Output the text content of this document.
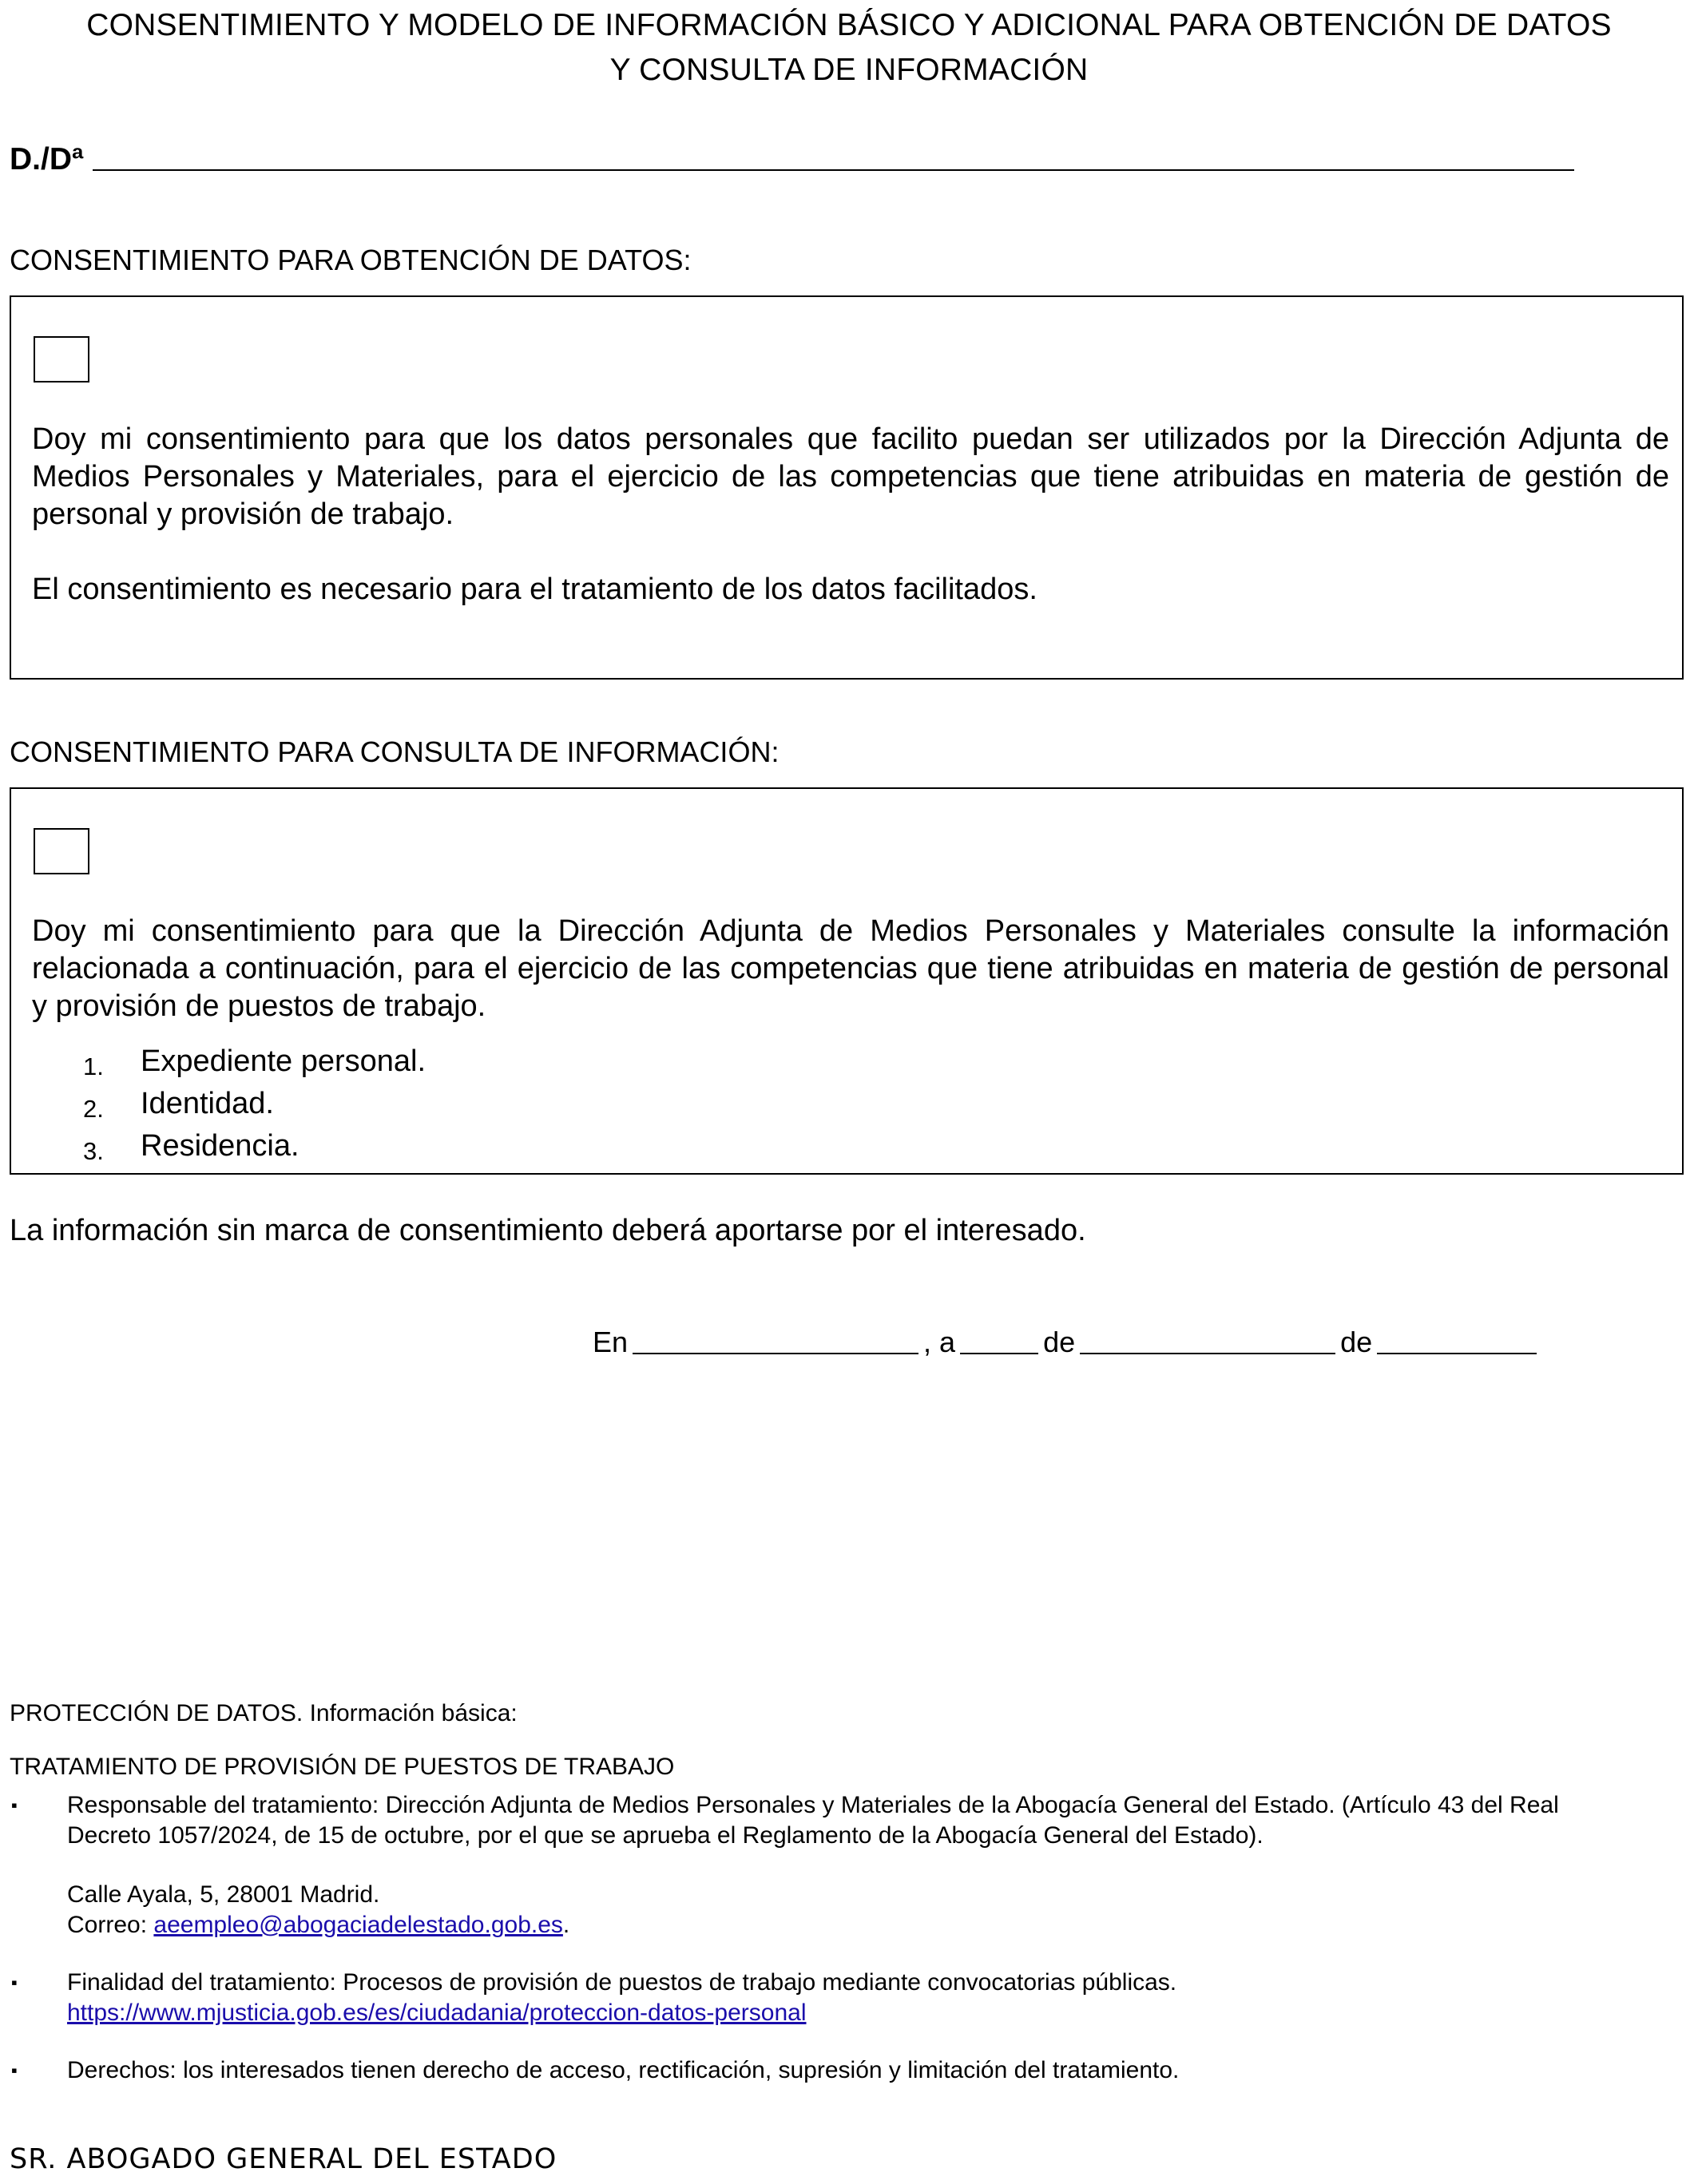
CONSENTIMIENTO Y MODELO DE INFORMACIÓN BÁSICO Y ADICIONAL PARA OBTENCIÓN DE DATOS
Y CONSULTA DE INFORMACIÓN
D./Dª
CONSENTIMIENTO PARA OBTENCIÓN DE DATOS:

Doy mi consentimiento para que los datos personales que facilito puedan ser utilizados por la Dirección Adjunta de Medios Personales y Materiales, para el ejercicio de las competencias que tiene atribuidas en materia de gestión de personal y provisión de trabajo.

El consentimiento es necesario para el tratamiento de los datos facilitados.

CONSENTIMIENTO PARA CONSULTA DE INFORMACIÓN:

Doy mi consentimiento para que la Dirección Adjunta de Medios Personales y Materiales consulte la información relacionada a continuación, para el ejercicio de las competencias que tiene atribuidas en materia de gestión de personal y provisión de puestos de trabajo.

1.	Expediente personal.
2.	Identidad.
3.	Residencia.
La información sin marca de consentimiento deberá aportarse por el interesado.
En	, a	de	de
PROTECCIÓN DE DATOS. Información básica:
TRATAMIENTO DE PROVISIÓN DE PUESTOS DE TRABAJO
▪ Responsable del tratamiento: Dirección Adjunta de Medios Personales y Materiales de la Abogacía General del Estado. (Artículo 43 del Real Decreto 1057/2024, de 15 de octubre, por el que se aprueba el Reglamento de la Abogacía General del Estado).
Calle Ayala, 5, 28001 Madrid.
Correo: aeempleo@abogaciadelestado.gob.es.
▪ Finalidad del tratamiento: Procesos de provisión de puestos de trabajo mediante convocatorias públicas.
https://www.mjusticia.gob.es/es/ciudadania/proteccion-datos-personal
▪ Derechos: los interesados tienen derecho de acceso, rectificación, supresión y limitación del tratamiento.
SR. ABOGADO GENERAL DEL ESTADO
